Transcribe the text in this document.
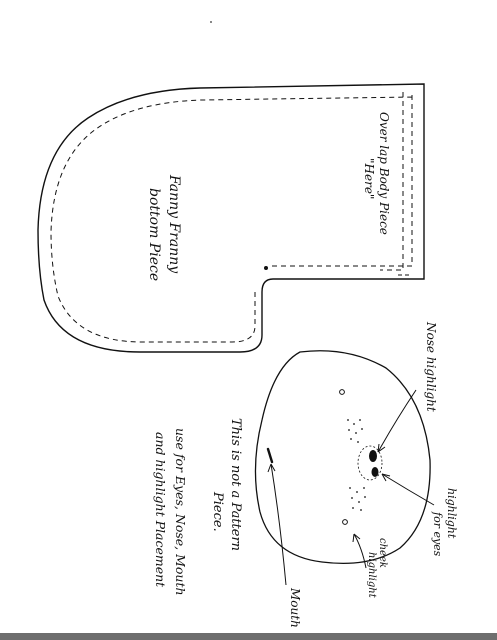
Fanny Franny
bottom Piece	Over lap Body Piece
"Here"
Nose highlight
highlight
for eyes
cheek
highlight
Mouth
This is not a Pattern
Piece.
use for Eyes, Nose, Mouth
and highlight Placement
